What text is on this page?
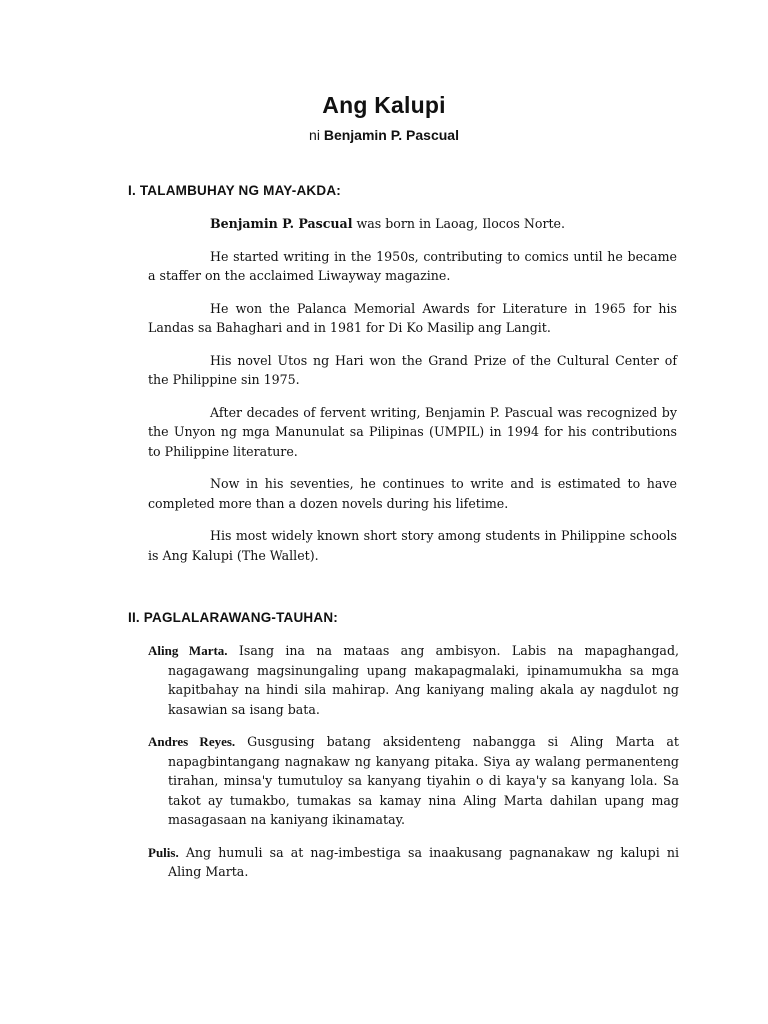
Ang Kalupi
ni Benjamin P. Pascual
I. TALAMBUHAY NG MAY-AKDA:

Benjamin P. Pascual was born in Laoag, Ilocos Norte.

He started writing in the 1950s, contributing to comics until he became a staffer on the acclaimed Liwayway magazine.

He won the Palanca Memorial Awards for Literature in 1965 for his Landas sa Bahaghari and in 1981 for Di Ko Masilip ang Langit.

His novel Utos ng Hari won the Grand Prize of the Cultural Center of the Philippine sin 1975.

After decades of fervent writing, Benjamin P. Pascual was recognized by the Unyon ng mga Manunulat sa Pilipinas (UMPIL) in 1994 for his contributions to Philippine literature.

Now in his seventies, he continues to write and is estimated to have completed more than a dozen novels during his lifetime.

His most widely known short story among students in Philippine schools is Ang Kalupi (The Wallet).

II. PAGLALARAWANG-TAUHAN:

Aling Marta. Isang ina na mataas ang ambisyon. Labis na mapaghangad, nagagawang magsinungaling upang makapagmalaki, ipinamumukha sa mga kapitbahay na hindi sila mahirap. Ang kaniyang maling akala ay nagdulot ng kasawian sa isang bata.

Andres Reyes. Gusgusing batang aksidenteng nabangga si Aling Marta at napagbintangang nagnakaw ng kanyang pitaka. Siya ay walang permanenteng tirahan, minsa'y tumutuloy sa kanyang tiyahin o di kaya'y sa kanyang lola. Sa takot ay tumakbo, tumakas sa kamay nina Aling Marta dahilan upang mag masagasaan na kaniyang ikinamatay.

Pulis. Ang humuli sa at nag-imbestiga sa inaakusang pagnanakaw ng kalupi ni Aling Marta.
